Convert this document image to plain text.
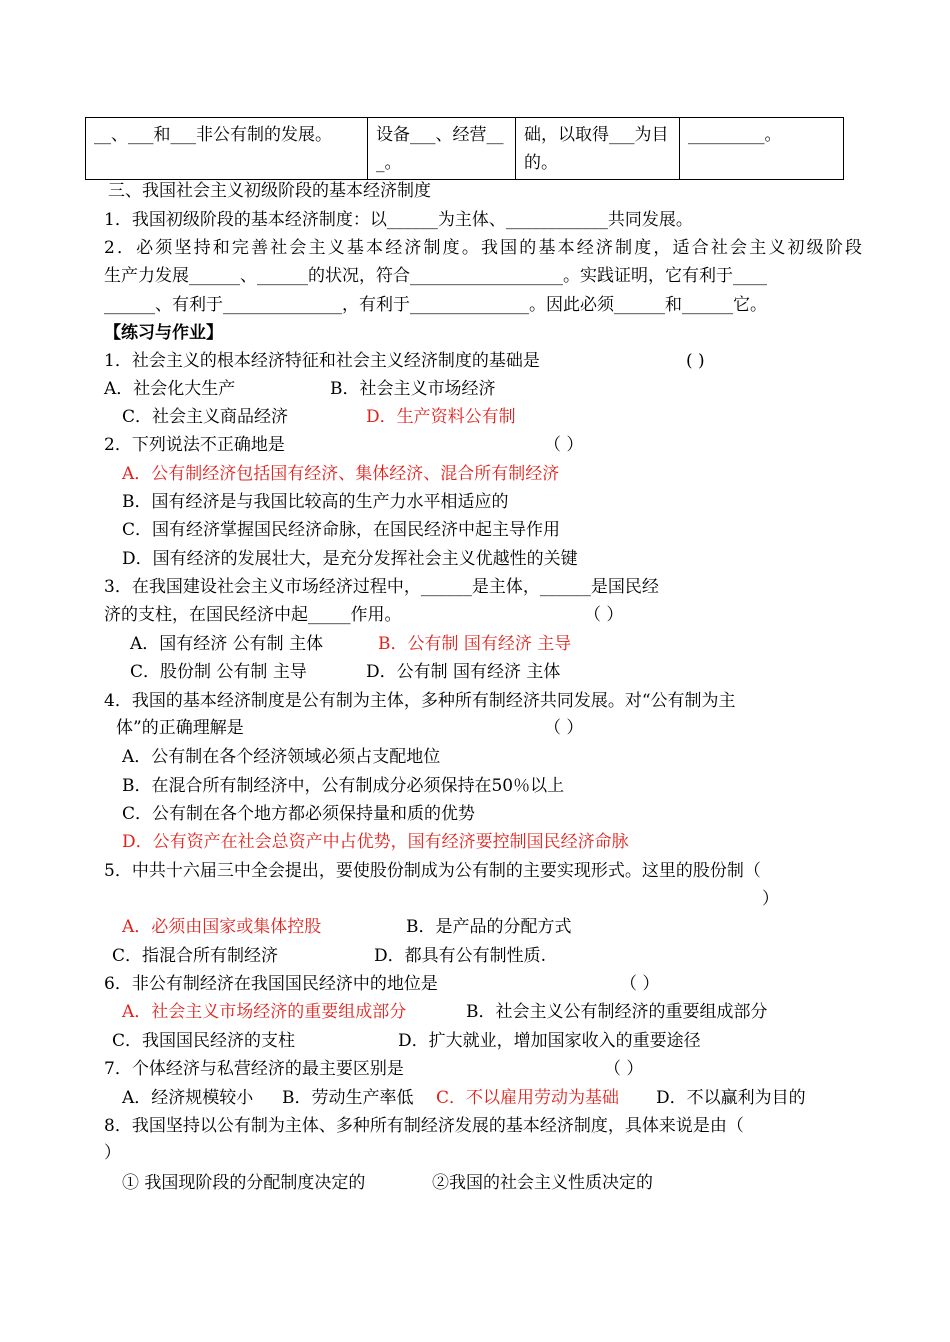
__、___和___非公有制的发展。	设备___、经营___。	础，以取得___为目的。	_________。
三、我国社会主义初级阶段的基本经济制度
1．我国初级阶段的基本经济制度：以______为主体、____________共同发展。
2．必须坚持和完善社会主义基本经济制度。我国的基本经济制度，适合社会主义初级阶段
生产力发展______、______的状况，符合__________________。实践证明，它有利于____
______、有利于______________，有利于______________。因此必须______和______它。
【练习与作业】
1．社会主义的根本经济特征和社会主义经济制度的基础是	( )
A．社会化大生产	B．社会主义市场经济
C．社会主义商品经济	D．生产资料公有制
2．下列说法不正确地是	（ ）
A．公有制经济包括国有经济、集体经济、混合所有制经济
B．国有经济是与我国比较高的生产力水平相适应的
C．国有经济掌握国民经济命脉，在国民经济中起主导作用
D．国有经济的发展壮大，是充分发挥社会主义优越性的关键
3．在我国建设社会主义市场经济过程中，______是主体，______是国民经
济的支柱，在国民经济中起_____作用。	（ ）
A．国有经济 公有制 主体	B．公有制 国有经济 主导
C．股份制 公有制 主导	D．公有制 国有经济 主体
4．我国的基本经济制度是公有制为主体，多种所有制经济共同发展。对“公有制为主
体”的正确理解是	（ ）
A．公有制在各个经济领域必须占支配地位
B．在混合所有制经济中，公有制成分必须保持在50％以上
C．公有制在各个地方都必须保持量和质的优势
D．公有资产在社会总资产中占优势，国有经济要控制国民经济命脉
5．中共十六届三中全会提出，要使股份制成为公有制的主要实现形式。这里的股份制（
）
A．必须由国家或集体控股	B．是产品的分配方式
C．指混合所有制经济	D．都具有公有制性质.
6．非公有制经济在我国国民经济中的地位是	（ ）
A．社会主义市场经济的重要组成部分	B．社会主义公有制经济的重要组成部分
C．我国国民经济的支柱	D．扩大就业，增加国家收入的重要途径
7．个体经济与私营经济的最主要区别是	（ ）
A．经济规模较小 B．劳动生产率低 C．不以雇用劳动为基础 D．不以赢利为目的
8．我国坚持以公有制为主体、多种所有制经济发展的基本经济制度，具体来说是由（
）
① 我国现阶段的分配制度决定的	②我国的社会主义性质决定的
